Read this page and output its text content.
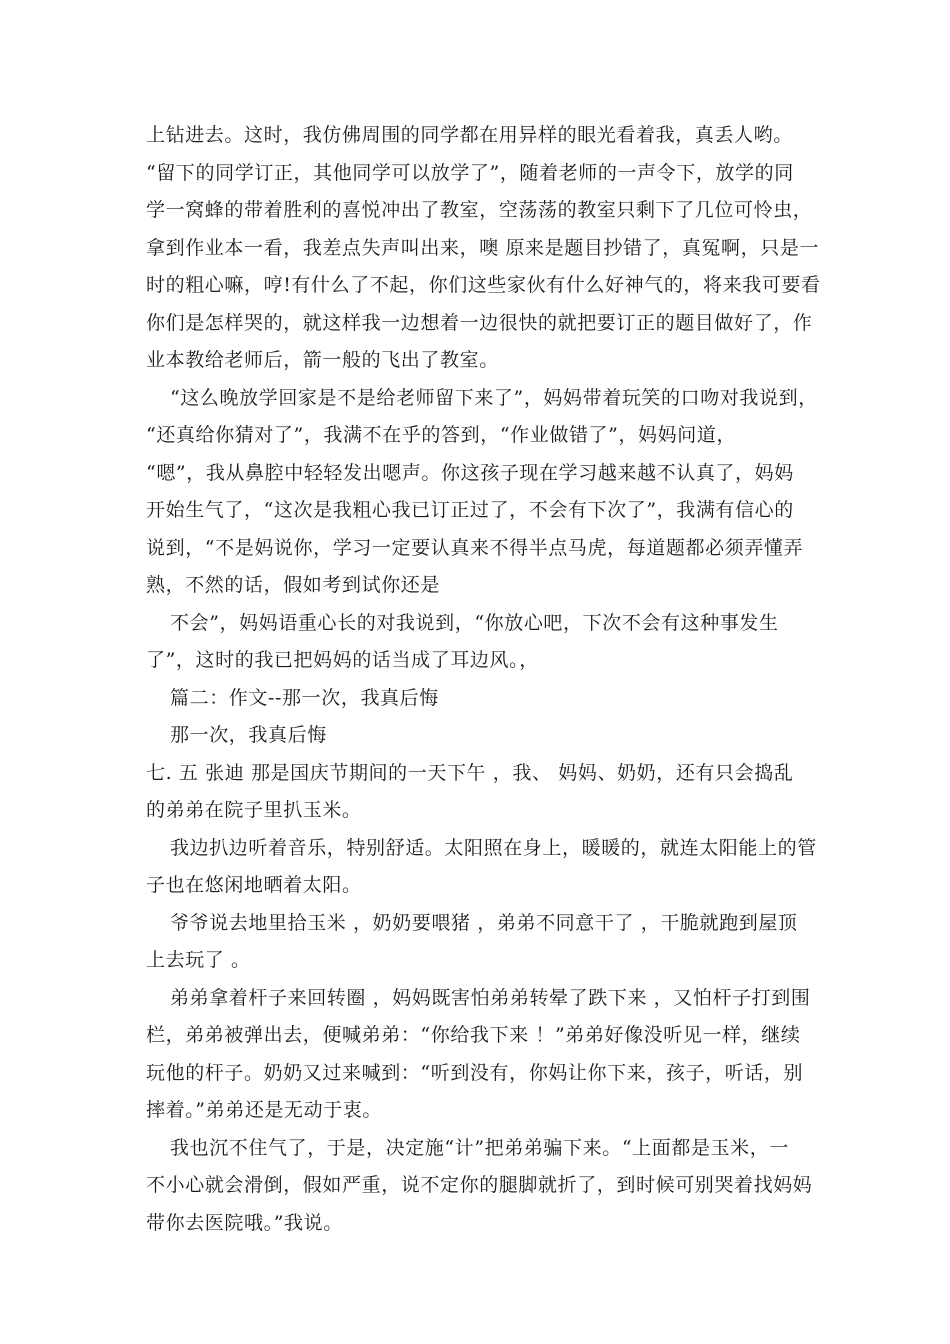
上钻进去。这时，我仿佛周围的同学都在用异样的眼光看着我，真丢人哟。
“留下的同学订正，其他同学可以放学了”，随着老师的一声令下，放学的同
学一窝蜂的带着胜利的喜悦冲出了教室，空荡荡的教室只剩下了几位可怜虫，
拿到作业本一看，我差点失声叫出来，噢 原来是题目抄错了，真冤啊，只是一
时的粗心嘛，哼!有什么了不起，你们这些家伙有什么好神气的，将来我可要看
你们是怎样哭的，就这样我一边想着一边很快的就把要订正的题目做好了，作
业本教给老师后，箭一般的飞出了教室。
“这么晚放学回家是不是给老师留下来了”，妈妈带着玩笑的口吻对我说到，
“还真给你猜对了”，我满不在乎的答到，“作业做错了”，妈妈问道，
“嗯”，我从鼻腔中轻轻发出嗯声。你这孩子现在学习越来越不认真了，妈妈
开始生气了，“这次是我粗心我已订正过了，不会有下次了”，我满有信心的
说到，“不是妈说你，学习一定要认真来不得半点马虎，每道题都必须弄懂弄
熟，不然的话，假如考到试你还是
不会”，妈妈语重心长的对我说到，“你放心吧，下次不会有这种事发生
了”，这时的我已把妈妈的话当成了耳边风。，
篇二：作文--那一次，我真后悔
那一次，我真后悔
七. 五 张迪 那是国庆节期间的一天下午 ，我、 妈妈、奶奶，还有只会捣乱
的弟弟在院子里扒玉米。
我边扒边听着音乐，特别舒适。太阳照在身上，暖暖的，就连太阳能上的管
子也在悠闲地晒着太阳。
爷爷说去地里拾玉米 ，奶奶要喂猪 ，弟弟不同意干了 ，干脆就跑到屋顶
上去玩了 。
弟弟拿着杆子来回转圈 ，妈妈既害怕弟弟转晕了跌下来 ，又怕杆子打到围
栏，弟弟被弹出去，便喊弟弟：“你给我下来 ！”弟弟好像没听见一样，继续
玩他的杆子。奶奶又过来喊到：“听到没有，你妈让你下来，孩子，听话，别
摔着。”弟弟还是无动于衷。
我也沉不住气了，于是，决定施“计”把弟弟骗下来。“上面都是玉米，一
不小心就会滑倒，假如严重，说不定你的腿脚就折了，到时候可别哭着找妈妈
带你去医院哦。”我说。
